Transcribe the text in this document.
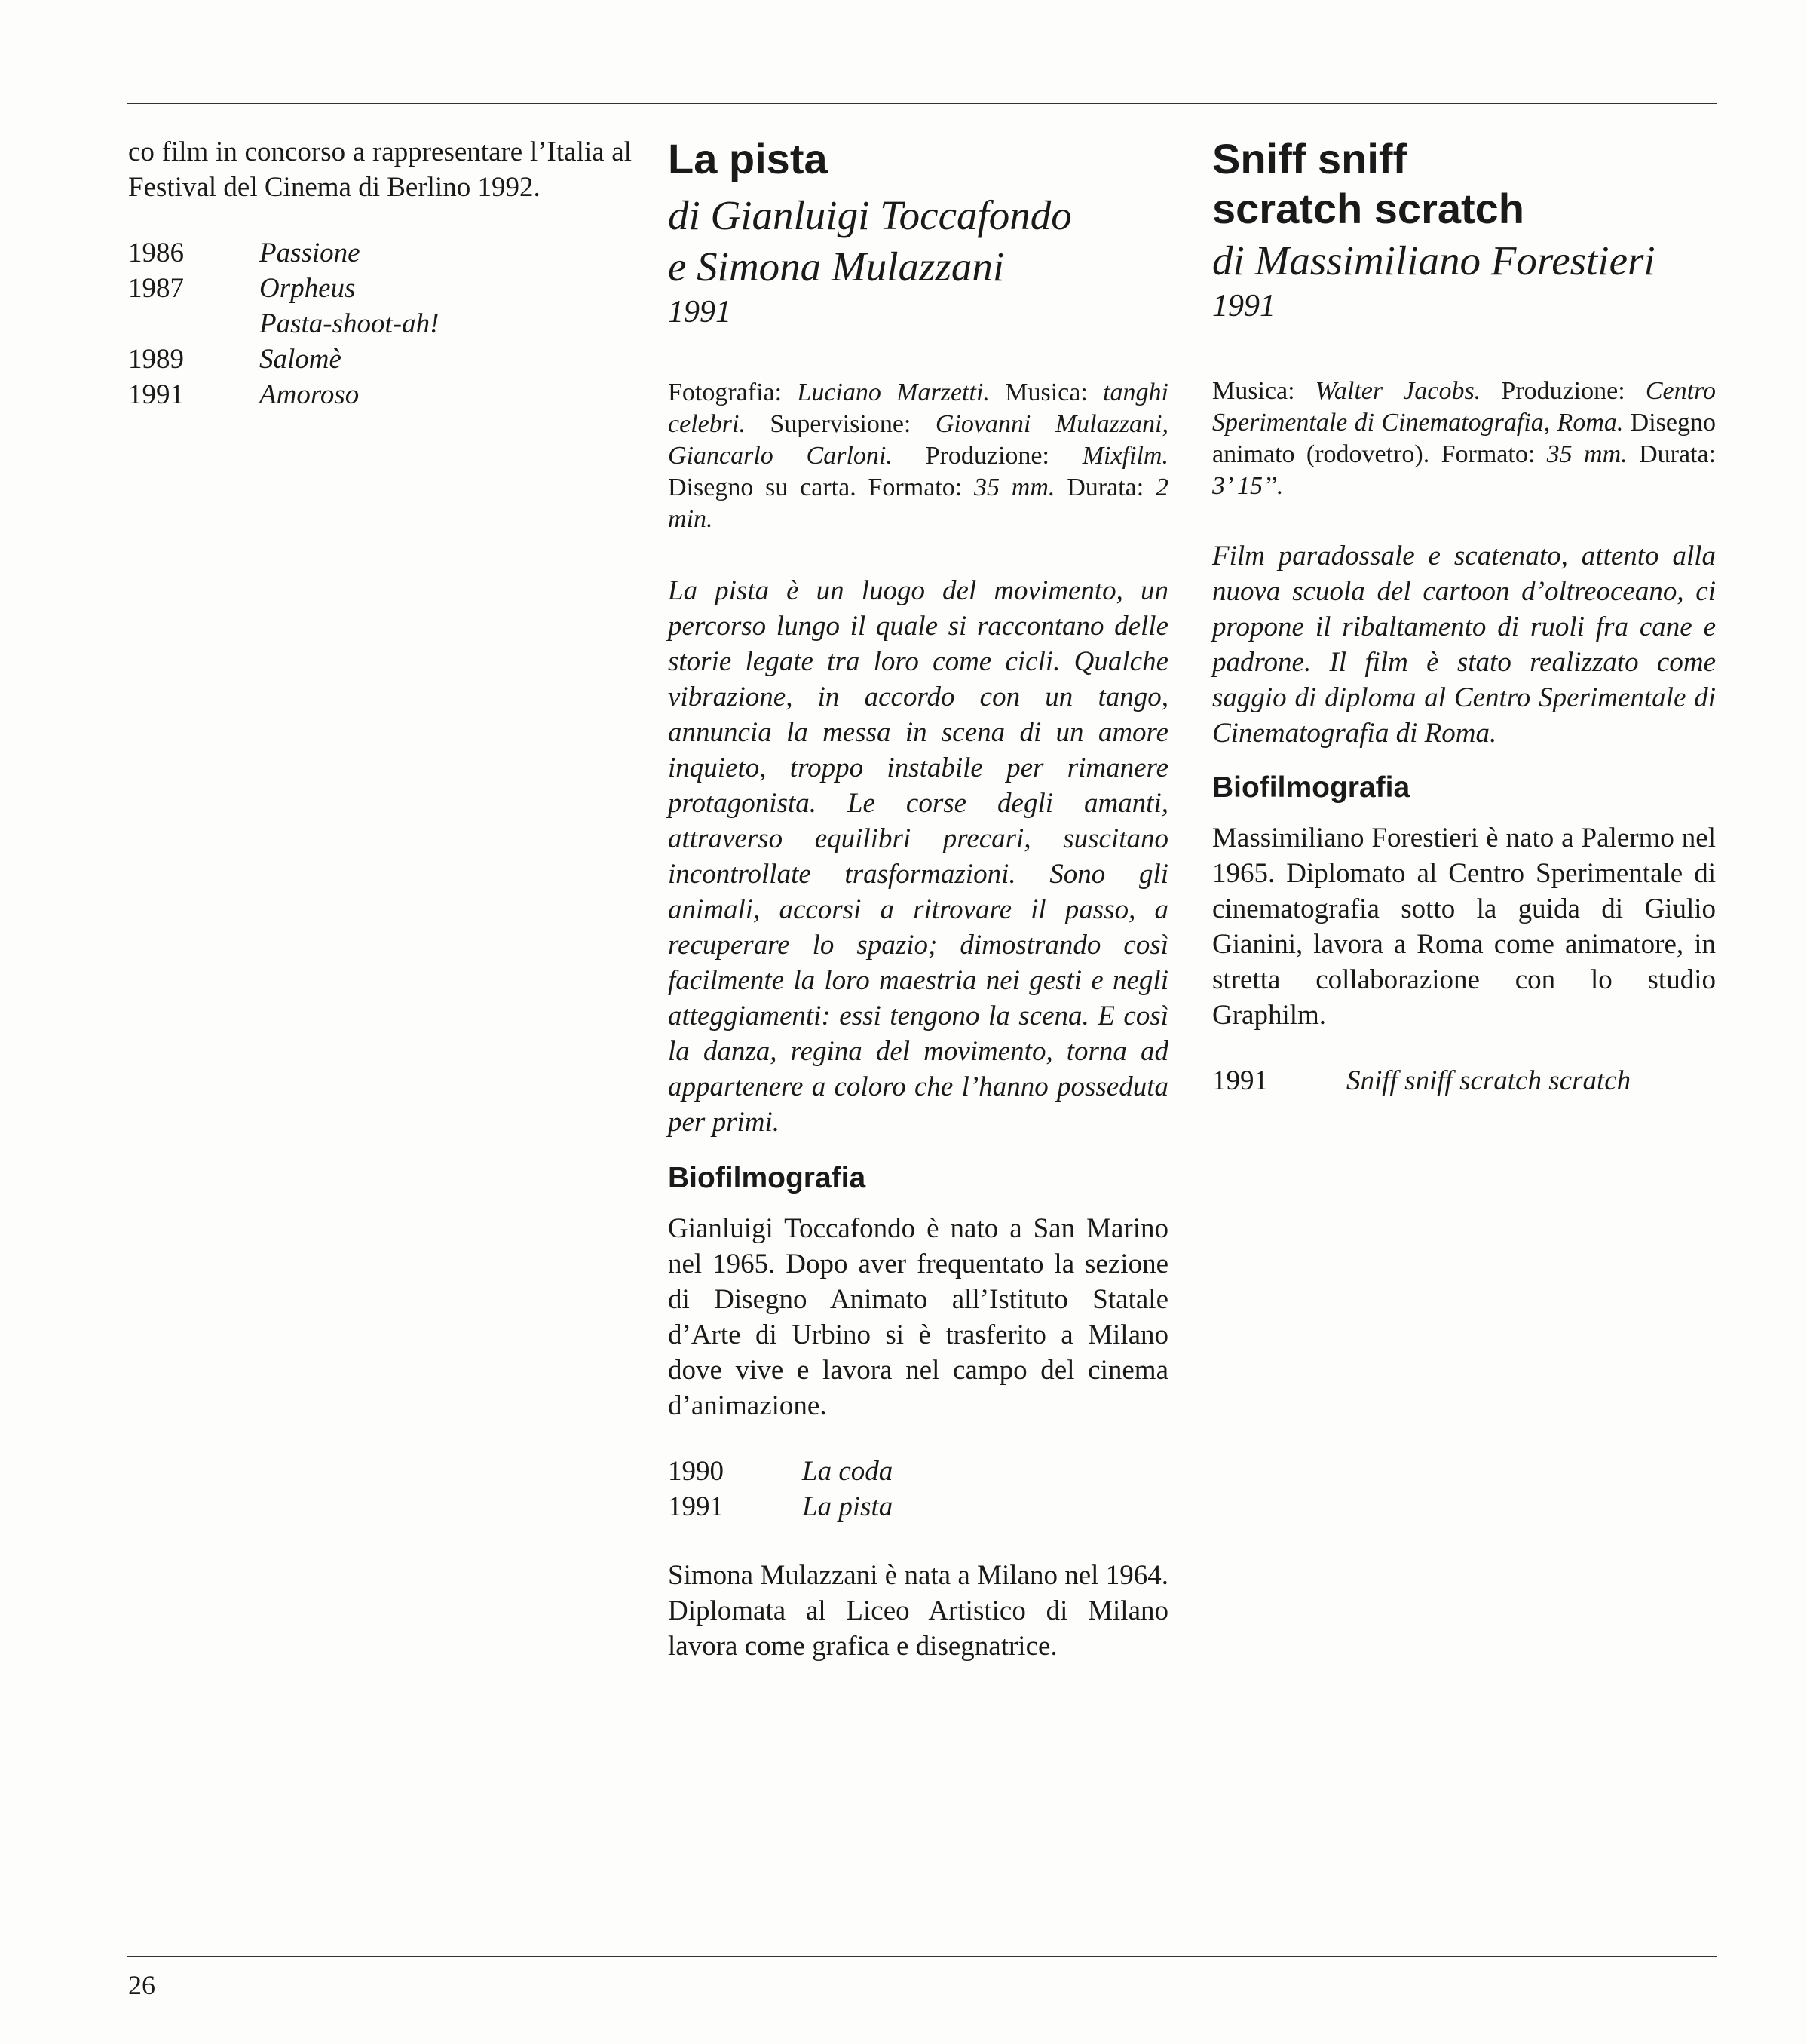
co film in concorso a rappresentare l’Italia al Festival del Cinema di Berlino 1992.

1986	Passione
1987	Orpheus
Pasta-shoot-ah!
1989	Salomè
1991	Amoroso
La pista

di Gianluigi Toccafondo

e Simona Mulazzani

1991

Fotografia: Luciano Marzetti. Musica: tanghi celebri. Supervisione: Giovanni Mulazzani, Giancarlo Carloni. Produzione: Mixfilm. Disegno su carta. Formato: 35 mm. Durata: 2 min.

La pista è un luogo del movimento, un percorso lungo il quale si raccontano delle storie legate tra loro come cicli. Qualche vibrazione, in accordo con un tango, annuncia la messa in scena di un amore inquieto, troppo instabile per rimanere protagonista. Le corse degli amanti, attraverso equilibri precari, suscitano incontrollate trasformazioni. Sono gli animali, accorsi a ritrovare il passo, a recuperare lo spazio; dimostrando così facilmente la loro maestria nei gesti e negli atteggiamenti: essi tengono la scena. E così la danza, regina del movimento, torna ad appartenere a coloro che l’hanno posseduta per primi.

Biofilmografia

Gianluigi Toccafondo è nato a San Marino nel 1965. Dopo aver frequentato la sezione di Disegno Animato all’Istituto Statale d’Arte di Urbino si è trasferito a Milano dove vive e lavora nel campo del cinema d’animazione.

1990	La coda
1991	La pista

Simona Mulazzani è nata a Milano nel 1964. Diplomata al Liceo Artistico di Milano lavora come grafica e disegnatrice.

Sniff sniff
scratch scratch

di Massimiliano Forestieri

1991

Musica: Walter Jacobs. Produzione: Centro Sperimentale di Cinematografia, Roma. Disegno animato (rodovetro). Formato: 35 mm. Durata: 3’ 15’’.

Film paradossale e scatenato, attento alla nuova scuola del cartoon d’oltreoceano, ci propone il ribaltamento di ruoli fra cane e padrone. Il film è stato realizzato come saggio di diploma al Centro Sperimentale di Cinematografia di Roma.

Biofilmografia

Massimiliano Forestieri è nato a Palermo nel 1965. Diplomato al Centro Sperimentale di cinematografia sotto la guida di Giulio Gianini, lavora a Roma come animatore, in stretta collaborazione con lo studio Graphilm.

1991	Sniff sniff scratch scratch
26
